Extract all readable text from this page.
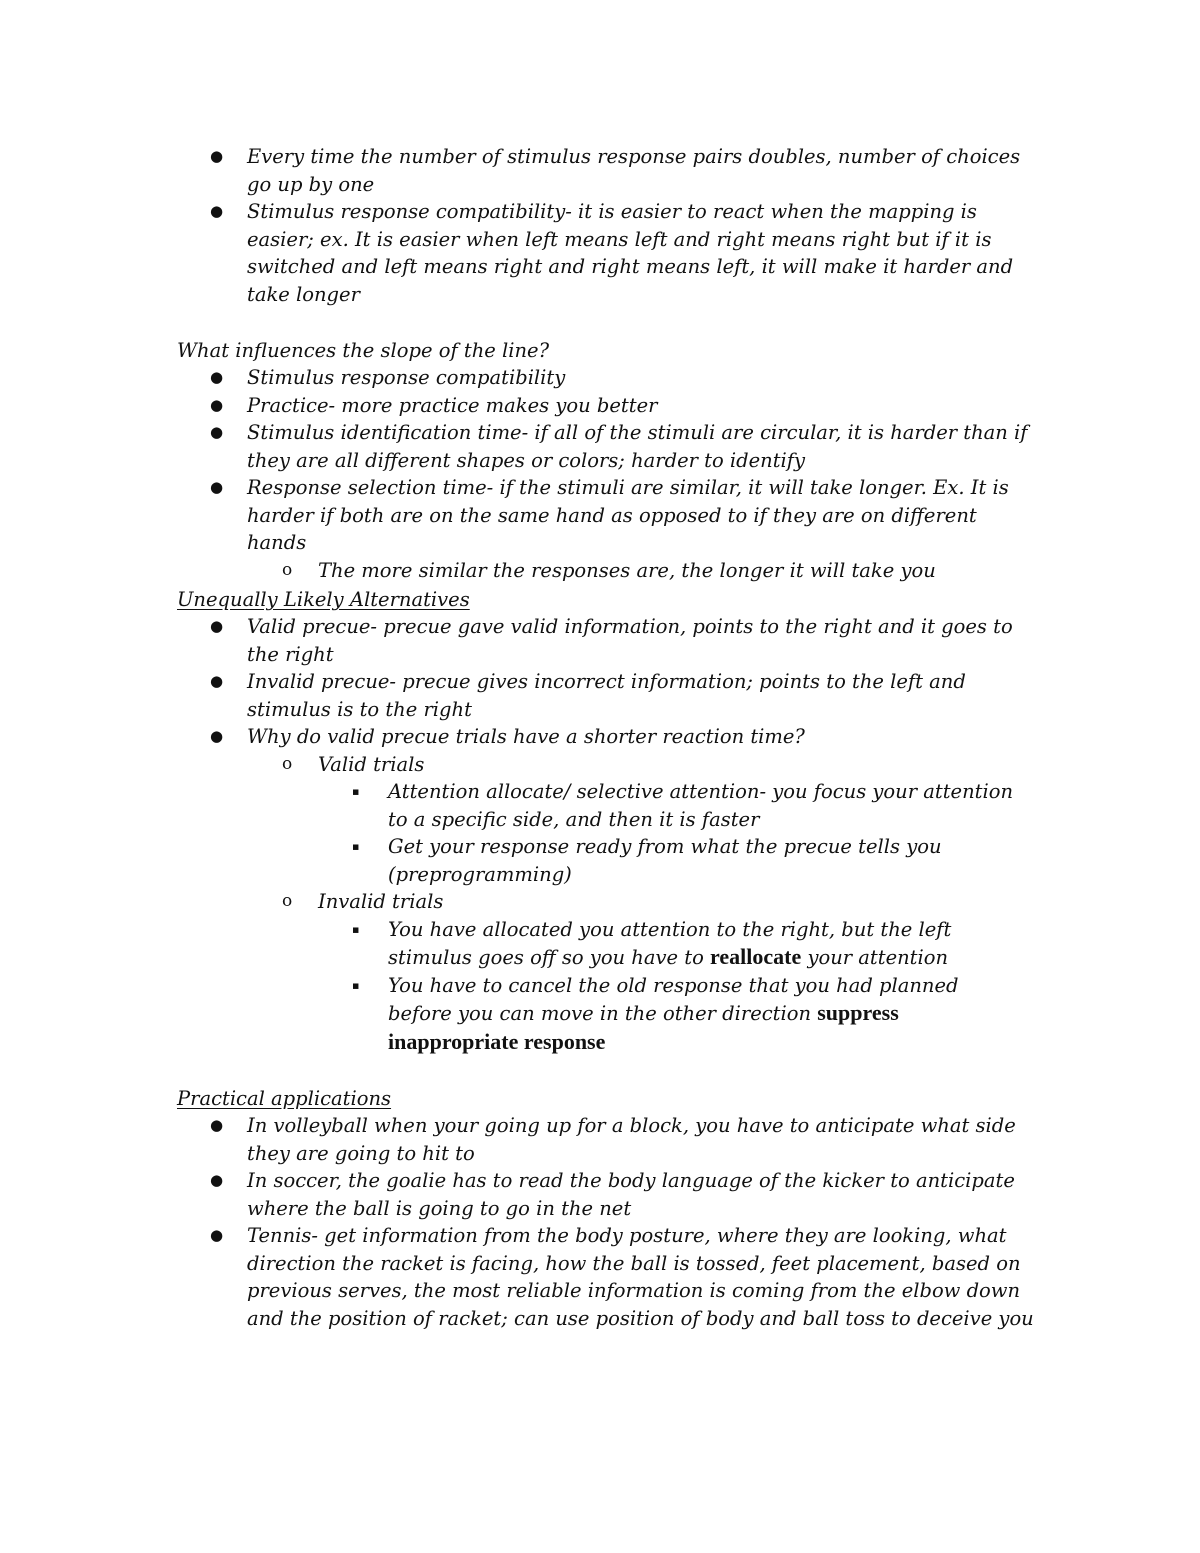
● Every time the number of stimulus response pairs doubles, number of choices go up by one
● Stimulus response compatibility- it is easier to react when the mapping is easier; ex. It is easier when left means left and right means right but if it is switched and left means right and right means left, it will make it harder and take longer
What influences the slope of the line?
● Stimulus response compatibility
● Practice- more practice makes you better
● Stimulus identification time- if all of the stimuli are circular, it is harder than if they are all different shapes or colors; harder to identify
● Response selection time- if the stimuli are similar, it will take longer. Ex. It is harder if both are on the same hand as opposed to if they are on different hands
o The more similar the responses are, the longer it will take you
Unequally Likely Alternatives
● Valid precue- precue gave valid information, points to the right and it goes to the right
● Invalid precue- precue gives incorrect information; points to the left and stimulus is to the right
● Why do valid precue trials have a shorter reaction time?
o Valid trials
▪ Attention allocate/ selective attention- you focus your attention to a specific side, and then it is faster
▪ Get your response ready from what the precue tells you (preprogramming)
o Invalid trials
▪ You have allocated you attention to the right, but the left stimulus goes off so you have to reallocate your attention
▪ You have to cancel the old response that you had planned before you can move in the other direction suppress inappropriate response
Practical applications
● In volleyball when your going up for a block, you have to anticipate what side they are going to hit to
● In soccer, the goalie has to read the body language of the kicker to anticipate where the ball is going to go in the net
● Tennis- get information from the body posture, where they are looking, what direction the racket is facing, how the ball is tossed, feet placement, based on previous serves, the most reliable information is coming from the elbow down and the position of racket; can use position of body and ball toss to deceive you
